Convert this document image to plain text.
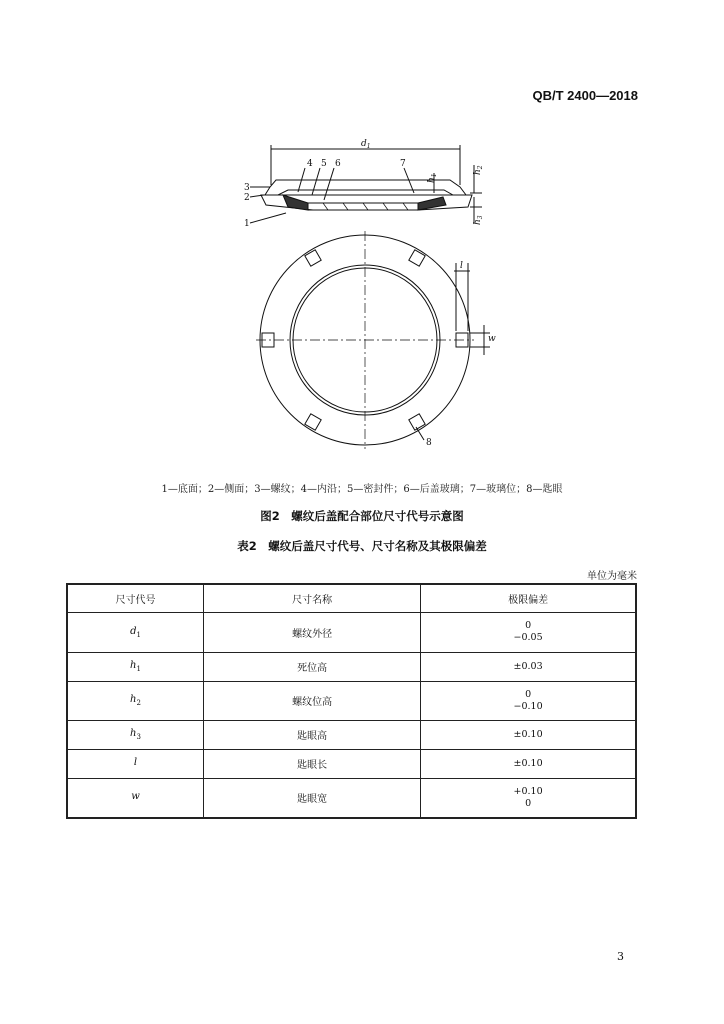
QB/T 2400—2018
$d_1$
$h_1$
$h_2$
$h_3$
l
w
1
2
3
4 5 6	7
8
1—底面；2—侧面；3—螺纹；4—内沿；5—密封件；6—后盖玻璃；7—玻璃位；8—匙眼
图2　螺纹后盖配合部位尺寸代号示意图
表2　螺纹后盖尺寸代号、尺寸名称及其极限偏差
单位为毫米
尺寸代号	尺寸名称	极限偏差
$d_1$	螺纹外径	0
−0.05

$h_1$	死位高	±0.03

$h_2$	螺纹位高	0
−0.10

$h_3$	匙眼高	±0.10

l	匙眼长	±0.10

w	匙眼宽	+0.10
0
3
